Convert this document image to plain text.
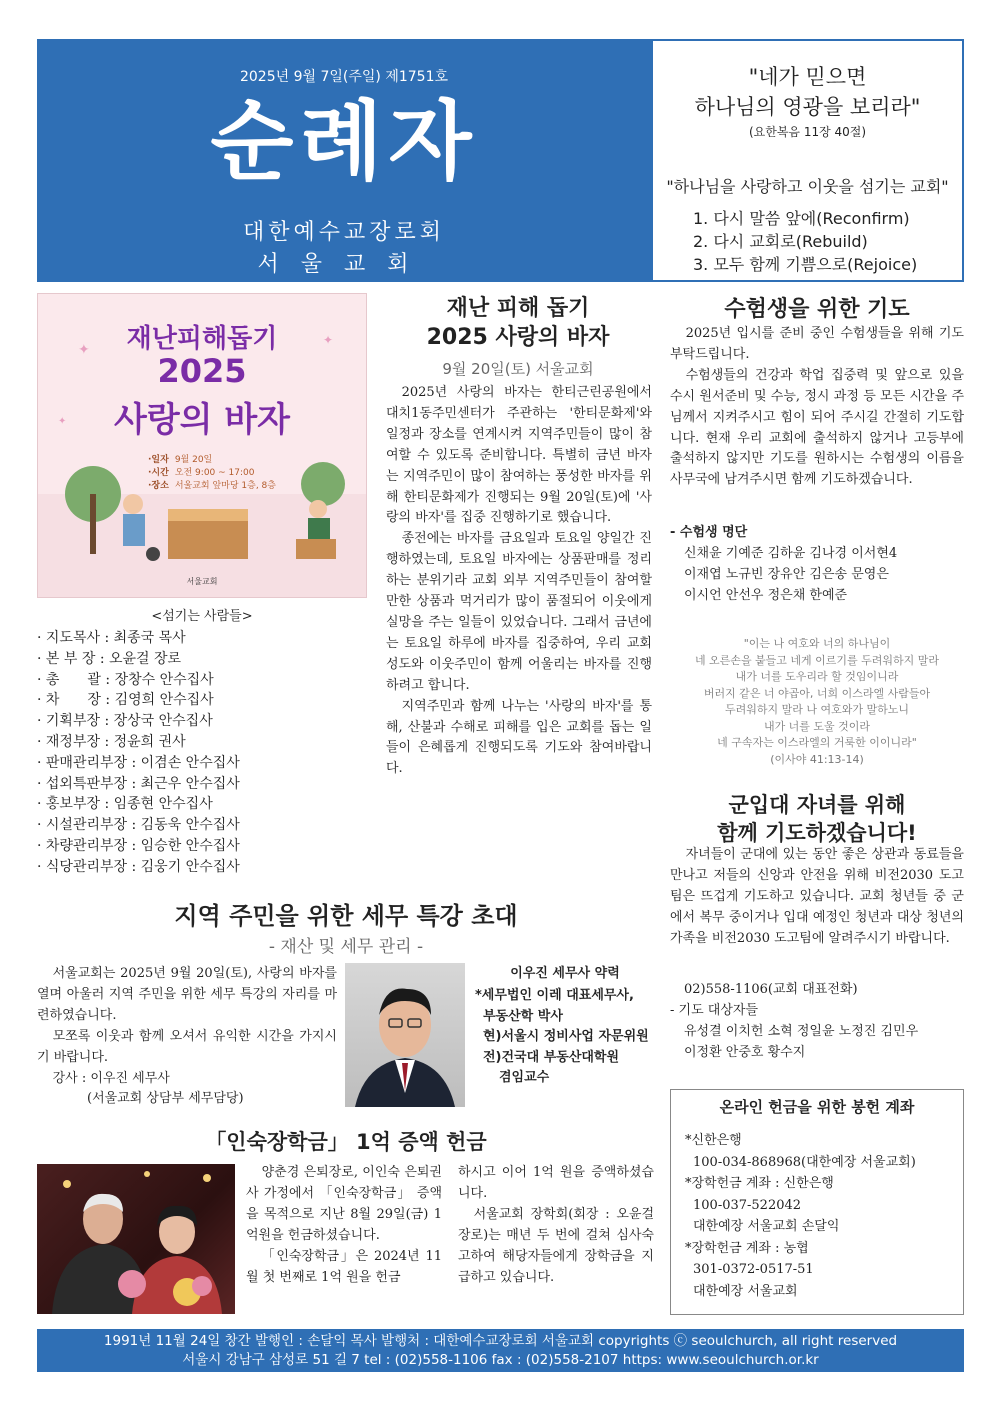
2025년 9월 7일(주일) 제1751호
순례자
대한예수교장로회
서울교회
"네가 믿으면
하나님의 영광을 보리라"
(요한복음 11장 40절)
"하나님을 사랑하고 이웃을 섬기는 교회"
1. 다시 말씀 앞에(Reconfirm)
2. 다시 교회로(Rebuild)
3. 모두 함께 기쁨으로(Rejoice)
✦
✦
✦
재난피해돕기
2025
사랑의 바자
·일자 9월 20일
·시간 오전 9:00 ~ 17:00
·장소 서울교회 앞마당 1층, 8층
서울교회
<섬기는 사람들>
· 지도목사 : 최종국 목사
· 본 부 장 : 오윤걸 장로
· 총　　괄 : 장창수 안수집사
· 차　　장 : 김영희 안수집사
· 기획부장 : 장상국 안수집사
· 재정부장 : 정윤희 권사
· 판매관리부장 : 이겸손 안수집사
· 섭외특판부장 : 최근우 안수집사
· 홍보부장 : 임종현 안수집사
· 시설관리부장 : 김동욱 안수집사
· 차량관리부장 : 임승한 안수집사
· 식당관리부장 : 김웅기 안수집사
재난 피해 돕기
2025 사랑의 바자
9월 20일(토) 서울교회

2025년 사랑의 바자는 한티근린공원에서 대치1동주민센터가 주관하는 '한티문화제'와 일정과 장소를 연계시켜 지역주민들이 많이 참여할 수 있도록 준비합니다. 특별히 금년 바자는 지역주민이 많이 참여하는 풍성한 바자를 위해 한티문화제가 진행되는 9월 20일(토)에 '사랑의 바자'를 집중 진행하기로 했습니다.

종전에는 바자를 금요일과 토요일 양일간 진행하였는데, 토요일 바자에는 상품판매를 정리하는 분위기라 교회 외부 지역주민들이 참여할 만한 상품과 먹거리가 많이 품절되어 이웃에게 실망을 주는 일들이 있었습니다. 그래서 금년에는 토요일 하루에 바자를 집중하여, 우리 교회 성도와 이웃주민이 함께 어울리는 바자를 진행하려고 합니다.

지역주민과 함께 나누는 '사랑의 바자'를 통해, 산불과 수해로 피해를 입은 교회를 돕는 일들이 은혜롭게 진행되도록 기도와 참여바랍니다.

수험생을 위한 기도

2025년 입시를 준비 중인 수험생들을 위해 기도 부탁드립니다.

수험생들의 건강과 학업 집중력 및 앞으로 있을 수시 원서준비 및 수능, 정시 과정 등 모든 시간을 주님께서 지켜주시고 힘이 되어 주시길 간절히 기도합니다. 현재 우리 교회에 출석하지 않거나 고등부에 출석하지 않지만 기도를 원하시는 수험생의 이름을 사무국에 남겨주시면 함께 기도하겠습니다.

- 수험생 명단
신채윤 기예준 김하윤 김나경 이서현4
이재엽 노규빈 장유안 김은송 문영은
이시언 안선우 정은채 한예준
"이는 나 여호와 너의 하나님이
네 오른손을 붙들고 네게 이르기를 두려워하지 말라
내가 너를 도우리라 할 것임이니라
버러지 같은 너 야곱아, 너희 이스라엘 사람들아
두려워하지 말라 나 여호와가 말하노니
내가 너를 도울 것이라
네 구속자는 이스라엘의 거룩한 이이니라"
(이사야 41:13-14)
군입대 자녀를 위해
함께 기도하겠습니다!

자녀들이 군대에 있는 동안 좋은 상관과 동료들을 만나고 저들의 신앙과 안전을 위해 비전2030 도고팀은 뜨겁게 기도하고 있습니다. 교회 청년들 중 군에서 복무 중이거나 입대 예정인 청년과 대상 청년의 가족을 비전2030 도고팀에 알려주시기 바랍니다.

02)558-1106(교회 대표전화)
- 기도 대상자들
유성결 이치헌 소혁 정일윤 노정진 김민우
이정환 안중호 황수지
온라인 헌금을 위한 봉헌 계좌
*신한은행
100-034-868968(대한예장 서울교회)
*장학헌금 계좌 : 신한은행
100-037-522042
대한예장 서울교회 손달익
*장학헌금 계좌 : 농협
301-0372-0517-51
대한예장 서울교회
지역 주민을 위한 세무 특강 초대
- 재산 및 세무 관리 -

서울교회는 2025년 9월 20일(토), 사랑의 바자를 열며 아울러 지역 주민을 위한 세무 특강의 자리를 마련하였습니다.

모쪼록 이웃과 함께 오셔서 유익한 시간을 가지시기 바랍니다.

강사 : 이우진 세무사

(서울교회 상담부 세무담당)

이우진 세무사 약력
*세무법인 이레 대표세무사,
부동산학 박사
현)서울시 정비사업 자문위원
전)건국대 부동산대학원
겸임교수
「인숙장학금」 1억 증액 헌금

양춘경 은퇴장로, 이인숙 은퇴권사 가정에서 「인숙장학금」 증액을 목적으로 지난 8월 29일(금) 1억원을 헌금하셨습니다.

「인숙장학금」은 2024년 11월 첫 번째로 1억 원을 헌금

하시고 이어 1억 원을 증액하셨습니다.

서울교회 장학회(회장 : 오윤걸 장로)는 매년 두 번에 걸쳐 심사숙고하여 해당자들에게 장학금을 지급하고 있습니다.

1991년 11월 24일 창간 발행인 : 손달익 목사 발행처 : 대한예수교장로회 서울교회 copyrights ⓒ seoulchurch, all right reserved
서울시 강남구 삼성로 51 길 7 tel : (02)558-1106 fax : (02)558-2107 https: www.seoulchurch.or.kr
